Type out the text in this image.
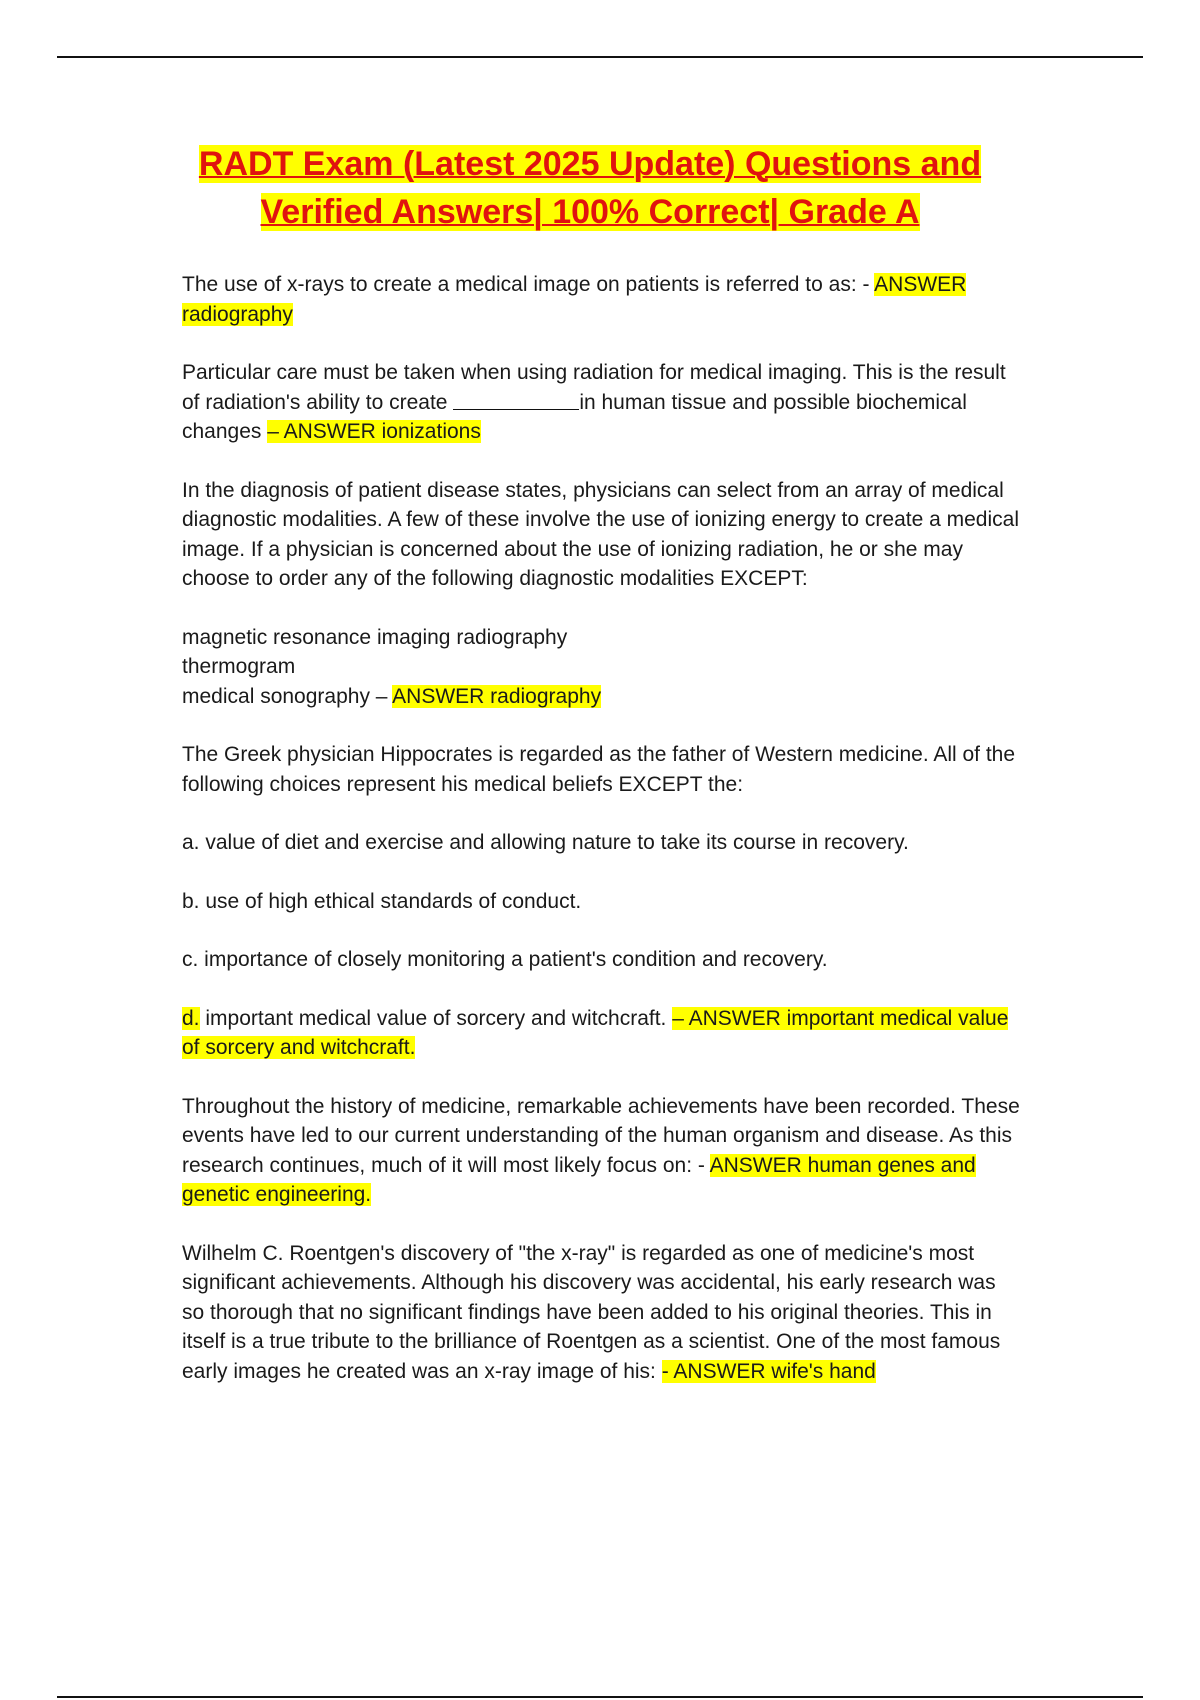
RADT Exam (Latest 2025 Update) Questions and
Verified Answers| 100% Correct| Grade A

The use of x-rays to create a medical image on patients is referred to as: - ANSWER radiography

Particular care must be taken when using radiation for medical imaging. This is the result of radiation's ability to create	in human tissue and possible biochemical changes – ANSWER ionizations

In the diagnosis of patient disease states, physicians can select from an array of medical diagnostic modalities. A few of these involve the use of ionizing energy to create a medical image. If a physician is concerned about the use of ionizing radiation, he or she may choose to order any of the following diagnostic modalities EXCEPT:

magnetic resonance imaging radiography
thermogram
medical sonography – ANSWER radiography

The Greek physician Hippocrates is regarded as the father of Western medicine. All of the following choices represent his medical beliefs EXCEPT the:

a. value of diet and exercise and allowing nature to take its course in recovery.

b. use of high ethical standards of conduct.

c. importance of closely monitoring a patient's condition and recovery.

d. important medical value of sorcery and witchcraft. – ANSWER important medical value of sorcery and witchcraft.

Throughout the history of medicine, remarkable achievements have been recorded. These events have led to our current understanding of the human organism and disease. As this research continues, much of it will most likely focus on: - ANSWER human genes and genetic engineering.

Wilhelm C. Roentgen's discovery of "the x-ray" is regarded as one of medicine's most significant achievements. Although his discovery was accidental, his early research was so thorough that no significant findings have been added to his original theories. This in itself is a true tribute to the brilliance of Roentgen as a scientist. One of the most famous early images he created was an x-ray image of his: - ANSWER wife's hand
